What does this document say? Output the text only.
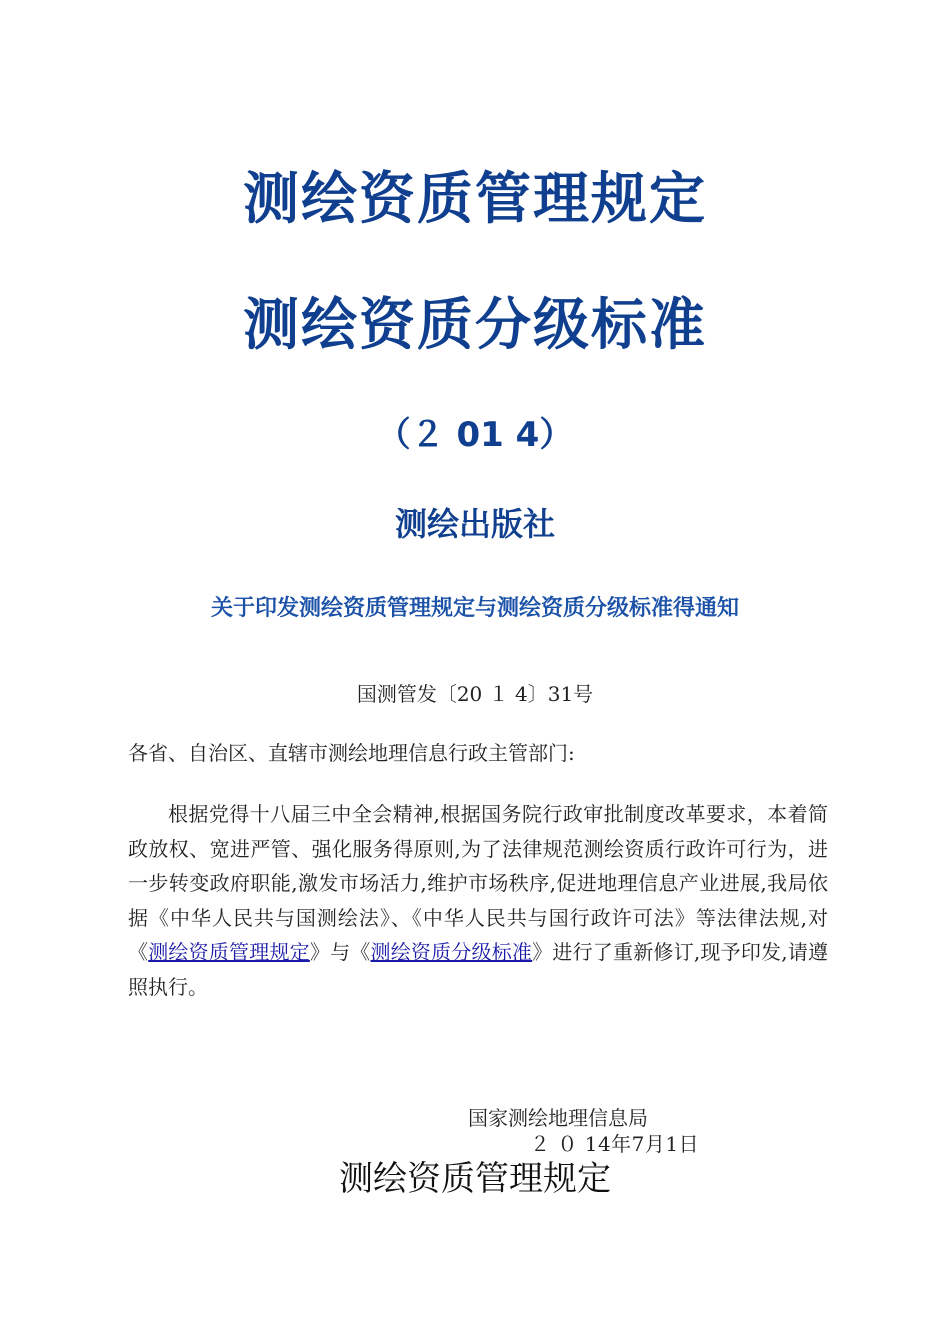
测绘资质管理规定
测绘资质分级标准
（２ 01 4）
测绘出版社
关于印发测绘资质管理规定与测绘资质分级标准得通知
国测管发〔20 １ 4〕31号
各省、自治区、直辖市测绘地理信息行政主管部门:

根据党得十八届三中全会精神,根据国务院行政审批制度改革要求，本着简政放权、宽进严管、强化服务得原则,为了法律规范测绘资质行政许可行为，进一步转变政府职能,激发市场活力,维护市场秩序,促进地理信息产业进展,我局依据《中华人民共与国测绘法》、《中华人民共与国行政许可法》等法律法规,对《测绘资质管理规定》与《测绘资质分级标准》进行了重新修订,现予印发,请遵照执行。

国家测绘地理信息局
２ ０ 14年7月1日
测绘资质管理规定
